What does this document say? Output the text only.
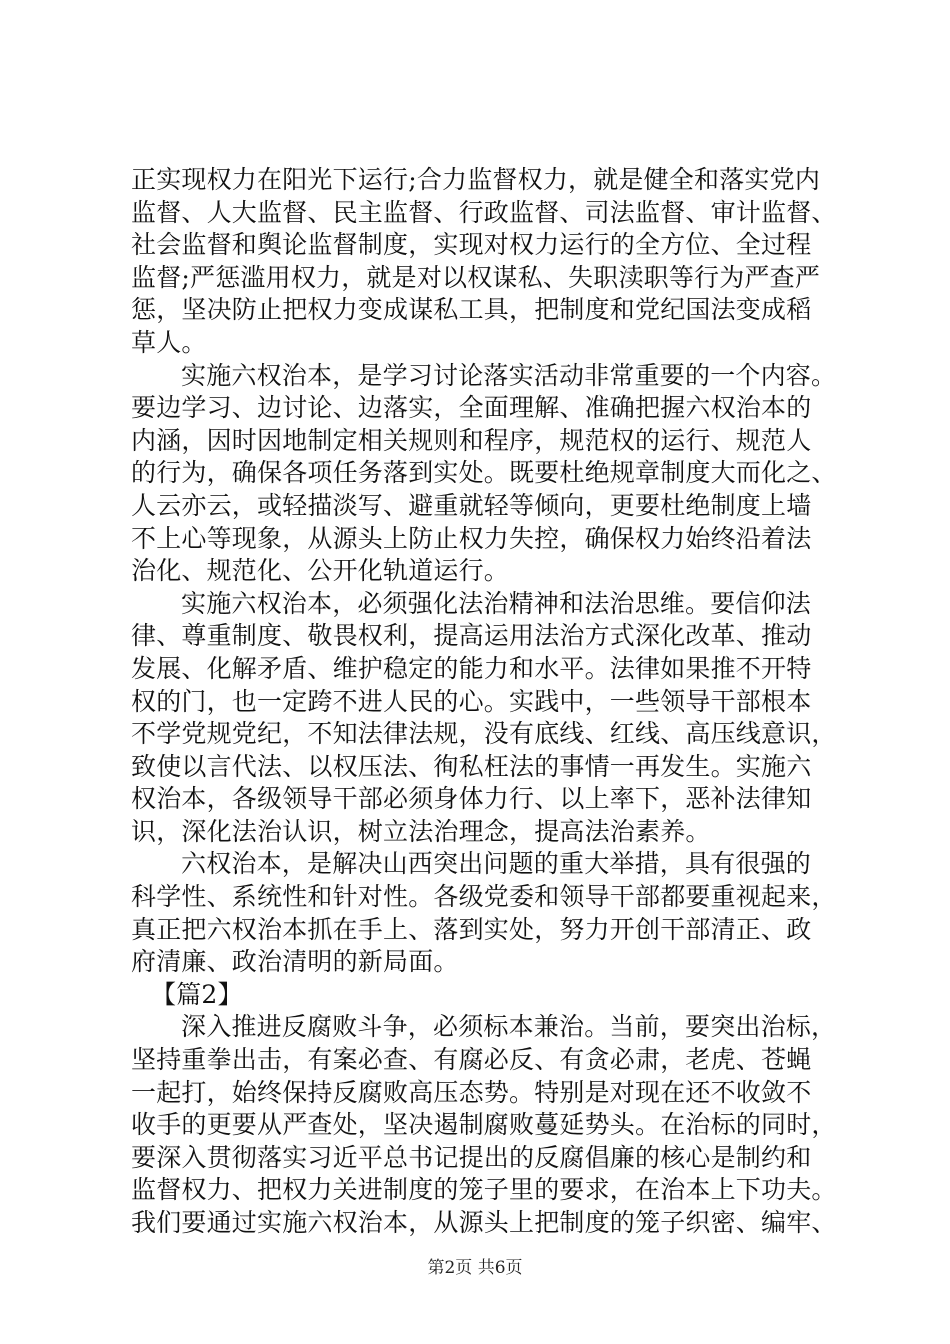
正实现权力在阳光下运行;合力监督权力，就是健全和落实党内
监督、人大监督、民主监督、行政监督、司法监督、审计监督、
社会监督和舆论监督制度，实现对权力运行的全方位、全过程
监督;严惩滥用权力，就是对以权谋私、失职渎职等行为严查严
惩，坚决防止把权力变成谋私工具，把制度和党纪国法变成稻
草人。
实施六权治本，是学习讨论落实活动非常重要的一个内容。
要边学习、边讨论、边落实，全面理解、准确把握六权治本的
内涵，因时因地制定相关规则和程序，规范权的运行、规范人
的行为，确保各项任务落到实处。既要杜绝规章制度大而化之、
人云亦云，或轻描淡写、避重就轻等倾向，更要杜绝制度上墙
不上心等现象，从源头上防止权力失控，确保权力始终沿着法
治化、规范化、公开化轨道运行。
实施六权治本，必须强化法治精神和法治思维。要信仰法
律、尊重制度、敬畏权利，提高运用法治方式深化改革、推动
发展、化解矛盾、维护稳定的能力和水平。法律如果推不开特
权的门，也一定跨不进人民的心。实践中，一些领导干部根本
不学党规党纪，不知法律法规，没有底线、红线、高压线意识，
致使以言代法、以权压法、徇私枉法的事情一再发生。实施六
权治本，各级领导干部必须身体力行、以上率下，恶补法律知
识，深化法治认识，树立法治理念，提高法治素养。
六权治本，是解决山西突出问题的重大举措，具有很强的
科学性、系统性和针对性。各级党委和领导干部都要重视起来，
真正把六权治本抓在手上、落到实处，努力开创干部清正、政
府清廉、政治清明的新局面。
【篇2】
深入推进反腐败斗争，必须标本兼治。当前，要突出治标，
坚持重拳出击，有案必查、有腐必反、有贪必肃，老虎、苍蝇
一起打，始终保持反腐败高压态势。特别是对现在还不收敛不
收手的更要从严查处，坚决遏制腐败蔓延势头。在治标的同时，
要深入贯彻落实习近平总书记提出的反腐倡廉的核心是制约和
监督权力、把权力关进制度的笼子里的要求，在治本上下功夫。
我们要通过实施六权治本，从源头上把制度的笼子织密、编牢、
第2页 共6页
